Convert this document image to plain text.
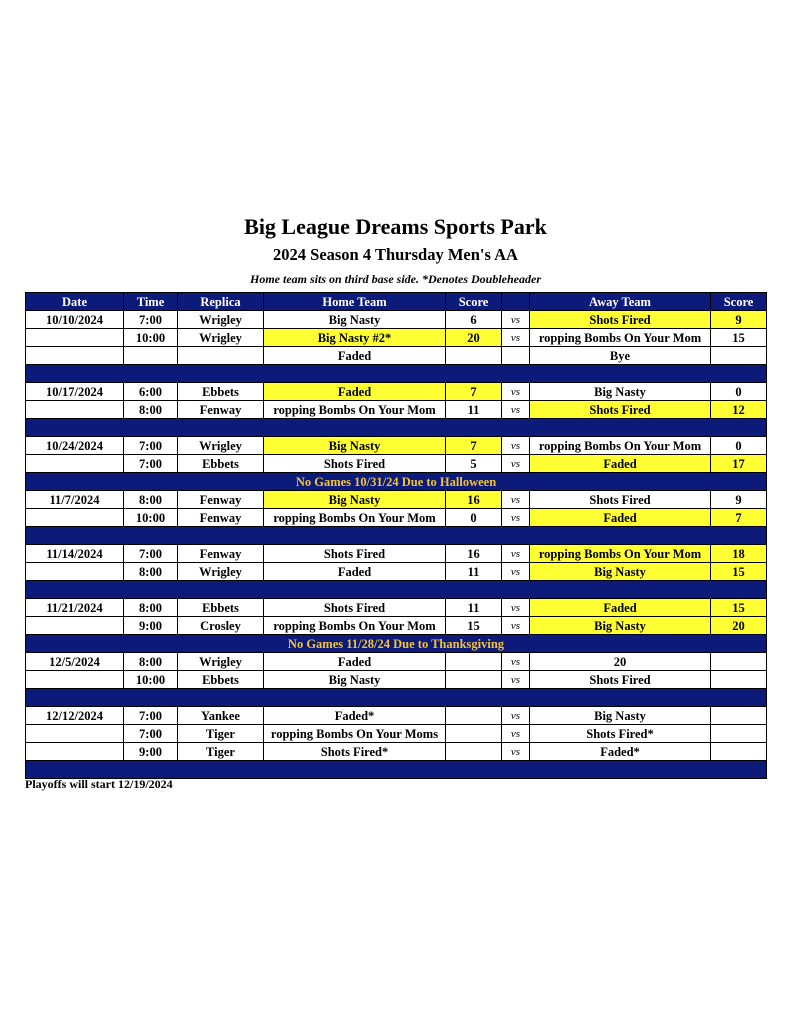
Big League Dreams Sports Park
2024 Season 4 Thursday Men's AA
Home team sits on third base side. *Denotes Doubleheader
Date	Time	Replica	Home Team	Score		Away Team	Score
10/10/2024	7:00	Wrigley	Big Nasty	6	vs	Shots Fired	9
	10:00	Wrigley	Big Nasty #2*	20	vs	ropping Bombs On Your Mom	15
			Faded			Bye	

10/17/2024	6:00	Ebbets	Faded	7	vs	Big Nasty	0
	8:00	Fenway	ropping Bombs On Your Mom	11	vs	Shots Fired	12

10/24/2024	7:00	Wrigley	Big Nasty	7	vs	ropping Bombs On Your Mom	0
	7:00	Ebbets	Shots Fired	5	vs	Faded	17
No Games 10/31/24 Due to Halloween							
11/7/2024	8:00	Fenway	Big Nasty	16	vs	Shots Fired	9
	10:00	Fenway	ropping Bombs On Your Mom	0	vs	Faded	7

11/14/2024	7:00	Fenway	Shots Fired	16	vs	ropping Bombs On Your Mom	18
	8:00	Wrigley	Faded	11	vs	Big Nasty	15

11/21/2024	8:00	Ebbets	Shots Fired	11	vs	Faded	15
	9:00	Crosley	ropping Bombs On Your Mom	15	vs	Big Nasty	20
No Games 11/28/24 Due to Thanksgiving							
12/5/2024	8:00	Wrigley	Faded		vs	20	
	10:00	Ebbets	Big Nasty		vs	Shots Fired	

12/12/2024	7:00	Yankee	Faded*		vs	Big Nasty	
	7:00	Tiger	ropping Bombs On Your Moms		vs	Shots Fired*	
	9:00	Tiger	Shots Fired*		vs	Faded*	

Playoffs will start 12/19/2024
